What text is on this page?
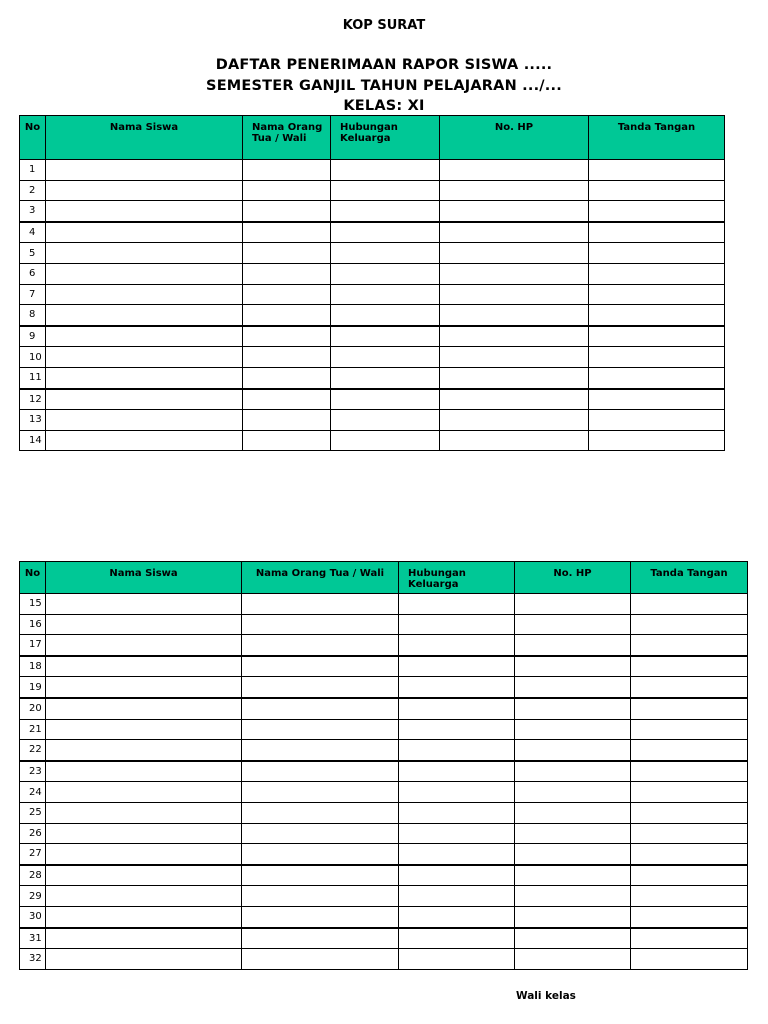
KOP SURAT
DAFTAR PENERIMAAN RAPOR SISWA .....
SEMESTER GANJIL TAHUN PELAJARAN .../...
KELAS: XI
No	Nama Siswa	Nama Orang Tua / Wali	Hubungan Keluarga	No. HP	Tanda Tangan
1					
2					
3					
4					
5					
6					
7					
8					
9					
10					
11					
12					
13					
14					
No	Nama Siswa	Nama Orang Tua / Wali	Hubungan Keluarga	No. HP	Tanda Tangan
15					
16					
17					
18					
19					
20					
21					
22					
23					
24					
25					
26					
27					
28					
29					
30					
31					
32					
Wali kelas
